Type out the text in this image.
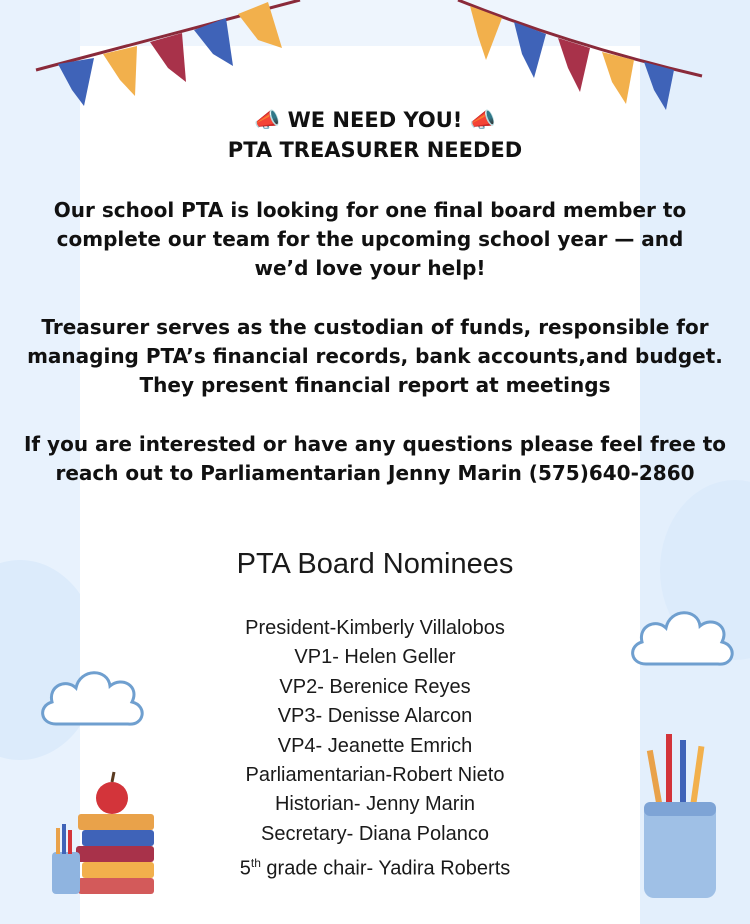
📣 WE NEED YOU! 📣
PTA TREASURER NEEDED
Our school PTA is looking for one final board member to complete our team for the upcoming school year — and we’d love your help!
Treasurer serves as the custodian of funds, responsible for managing PTA’s financial records, bank accounts,and budget. They present financial report at meetings
If you are interested or have any questions please feel free to reach out to Parliamentarian Jenny Marin (575)640-2860
PTA Board Nominees
President-Kimberly Villalobos
VP1- Helen Geller
VP2- Berenice Reyes
VP3- Denisse Alarcon
VP4- Jeanette Emrich
Parliamentarian-Robert Nieto
Historian- Jenny Marin
Secretary- Diana Polanco
5th grade chair- Yadira Roberts
